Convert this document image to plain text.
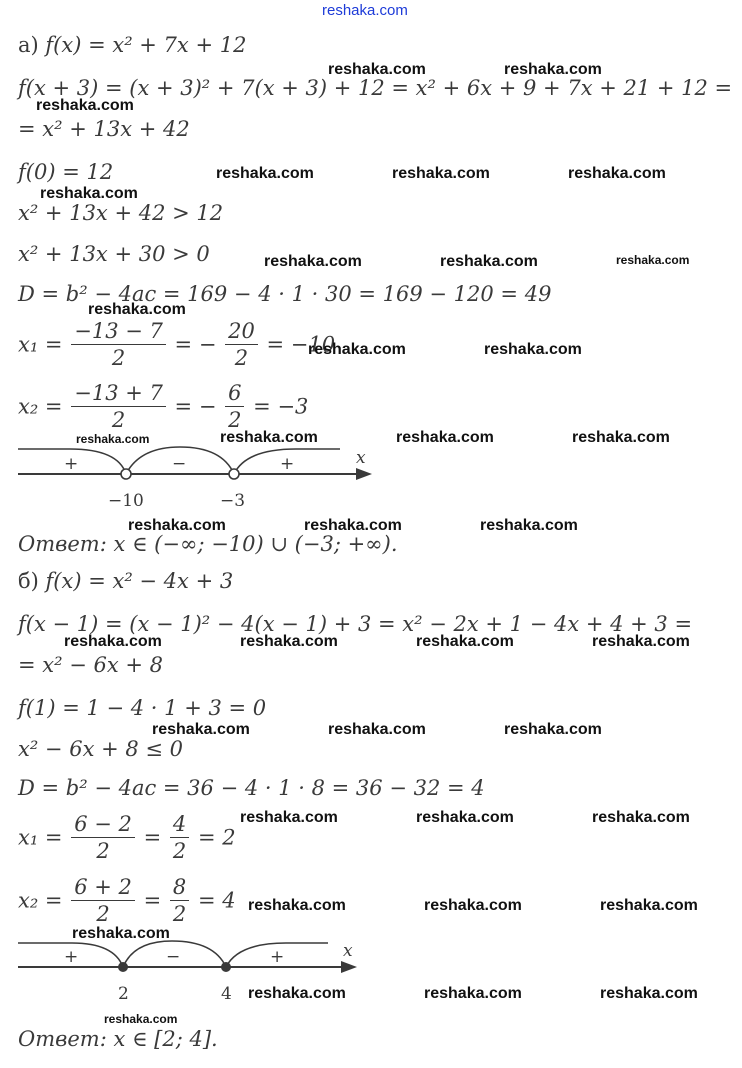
reshaka.com
а) f(x) = x² + 7x + 12
f(x + 3) = (x + 3)² + 7(x + 3) + 12 = x² + 6x + 9 + 7x + 21 + 12 =
= x² + 13x + 42
f(0) = 12
x² + 13x + 42 > 12
x² + 13x + 30 > 0
D = b² − 4ac = 169 − 4 · 1 · 30 = 169 − 120 = 49
$x_1 = \frac{-13 - 7}{2}$ = − $\frac{20}{2} = -10$
$x_2 = \frac{-13 + 7}{2}$ = − $\frac{6}{2} = -3$
x
+	−	+
−10	−3
x
+	−	+
2	4
Ответ: x ∈ (−∞; −10) ∪ (−3; +∞).
б) f(x) = x² − 4x + 3
f(x − 1) = (x − 1)² − 4(x − 1) + 3 = x² − 2x + 1 − 4x + 4 + 3 =
= x² − 6x + 8
f(1) = 1 − 4 · 1 + 3 = 0
x² − 6x + 8 ≤ 0
D = b² − 4ac = 36 − 4 · 1 · 8 = 36 − 32 = 4
$x_1 = \frac{6 - 2}{2} = \frac{4}{2} = 2$
$x_2 = \frac{6 + 2}{2} = \frac{8}{2} = 4$
Ответ: x ∈ [2; 4].
reshaka.com	reshaka.com
reshaka.com
reshaka.com	reshaka.com	reshaka.com
reshaka.com
reshaka.com	reshaka.com	reshaka.com
reshaka.com
reshaka.com	reshaka.com
reshaka.com	reshaka.com	reshaka.com	reshaka.com
reshaka.com	reshaka.com	reshaka.com
reshaka.com	reshaka.com	reshaka.com	reshaka.com
reshaka.com	reshaka.com	reshaka.com
reshaka.com	reshaka.com	reshaka.com
reshaka.com	reshaka.com	reshaka.com
reshaka.com
reshaka.com	reshaka.com	reshaka.com
reshaka.com
